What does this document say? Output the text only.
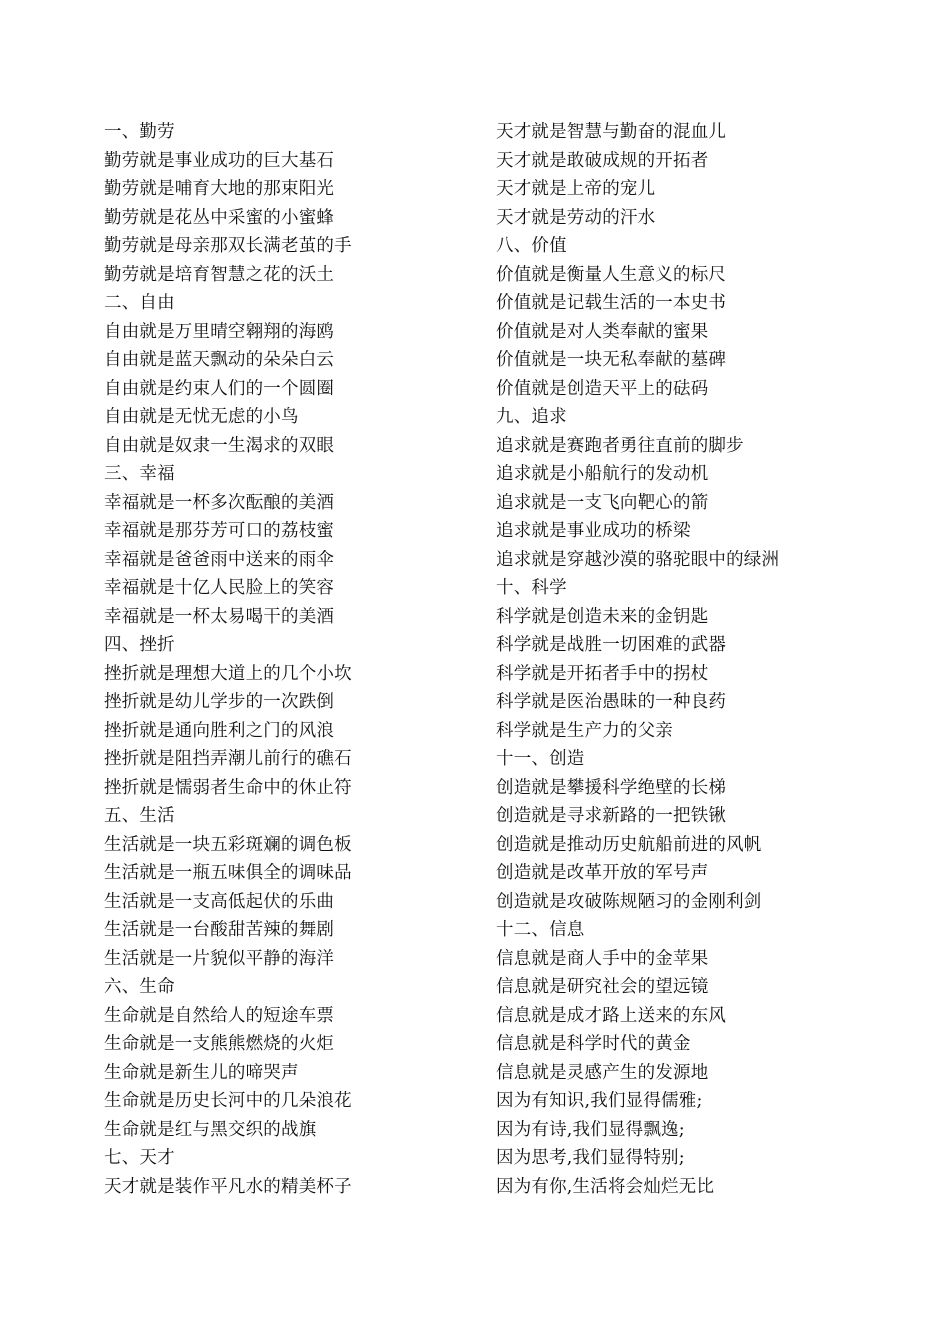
一、勤劳
勤劳就是事业成功的巨大基石
勤劳就是哺育大地的那束阳光
勤劳就是花丛中采蜜的小蜜蜂
勤劳就是母亲那双长满老茧的手
勤劳就是培育智慧之花的沃土
二、自由
自由就是万里晴空翱翔的海鸥
自由就是蓝天飘动的朵朵白云
自由就是约束人们的一个圆圈
自由就是无忧无虑的小鸟
自由就是奴隶一生渴求的双眼
三、幸福
幸福就是一杯多次酝酿的美酒
幸福就是那芬芳可口的荔枝蜜
幸福就是爸爸雨中送来的雨伞
幸福就是十亿人民脸上的笑容
幸福就是一杯太易喝干的美酒
四、挫折
挫折就是理想大道上的几个小坎
挫折就是幼儿学步的一次跌倒
挫折就是通向胜利之门的风浪
挫折就是阻挡弄潮儿前行的礁石
挫折就是懦弱者生命中的休止符
五、生活
生活就是一块五彩斑斓的调色板
生活就是一瓶五味俱全的调味品
生活就是一支高低起伏的乐曲
生活就是一台酸甜苦辣的舞剧
生活就是一片貌似平静的海洋
六、生命
生命就是自然给人的短途车票
生命就是一支熊熊燃烧的火炬
生命就是新生儿的啼哭声
生命就是历史长河中的几朵浪花
生命就是红与黑交织的战旗
七、天才
天才就是装作平凡水的精美杯子
天才就是智慧与勤奋的混血儿
天才就是敢破成规的开拓者
天才就是上帝的宠儿
天才就是劳动的汗水
八、价值
价值就是衡量人生意义的标尺
价值就是记载生活的一本史书
价值就是对人类奉献的蜜果
价值就是一块无私奉献的墓碑
价值就是创造天平上的砝码
九、追求
追求就是赛跑者勇往直前的脚步
追求就是小船航行的发动机
追求就是一支飞向靶心的箭
追求就是事业成功的桥梁
追求就是穿越沙漠的骆驼眼中的绿洲
十、科学
科学就是创造未来的金钥匙
科学就是战胜一切困难的武器
科学就是开拓者手中的拐杖
科学就是医治愚昧的一种良药
科学就是生产力的父亲
十一、创造
创造就是攀援科学绝壁的长梯
创造就是寻求新路的一把铁锹
创造就是推动历史航船前进的风帆
创造就是改革开放的军号声
创造就是攻破陈规陋习的金刚利剑
十二、信息
信息就是商人手中的金苹果
信息就是研究社会的望远镜
信息就是成才路上送来的东风
信息就是科学时代的黄金
信息就是灵感产生的发源地
因为有知识,我们显得儒雅;
因为有诗,我们显得飘逸;
因为思考,我们显得特别;
因为有你,生活将会灿烂无比
